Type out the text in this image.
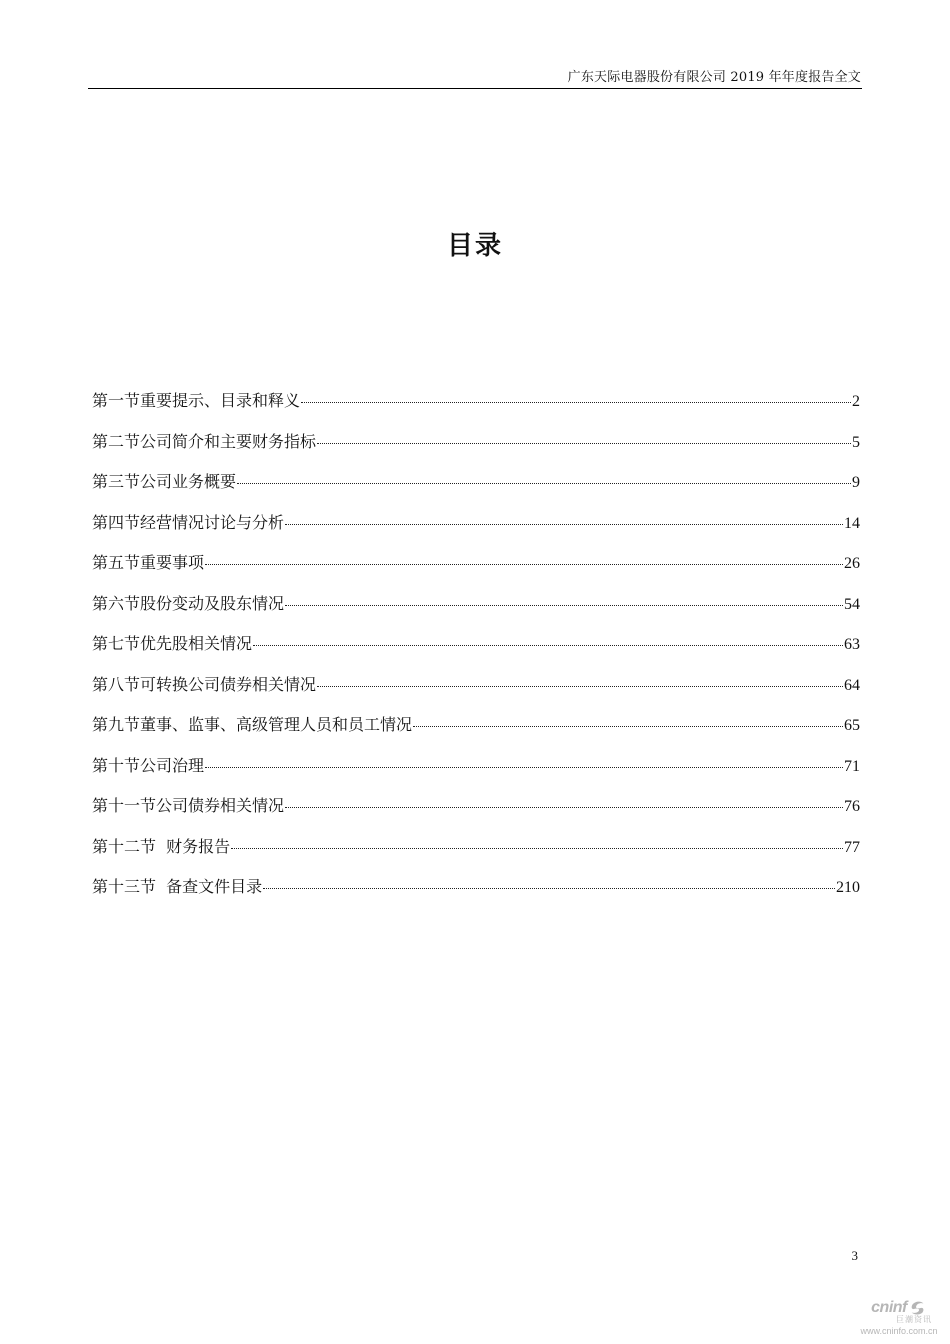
广东天际电器股份有限公司 2019 年年度报告全文
目录
第一节重要提示、目录和释义	2
第二节公司简介和主要财务指标	5
第三节公司业务概要	9
第四节经营情况讨论与分析	14
第五节重要事项	26
第六节股份变动及股东情况	54
第七节优先股相关情况	63
第八节可转换公司债券相关情况	64
第九节董事、监事、高级管理人员和员工情况	65
第十节公司治理	71
第十一节公司债券相关情况	76
第十二节  财务报告	77
第十三节  备查文件目录	210
3
cninf
巨潮资讯
www.cninfo.com.cn
